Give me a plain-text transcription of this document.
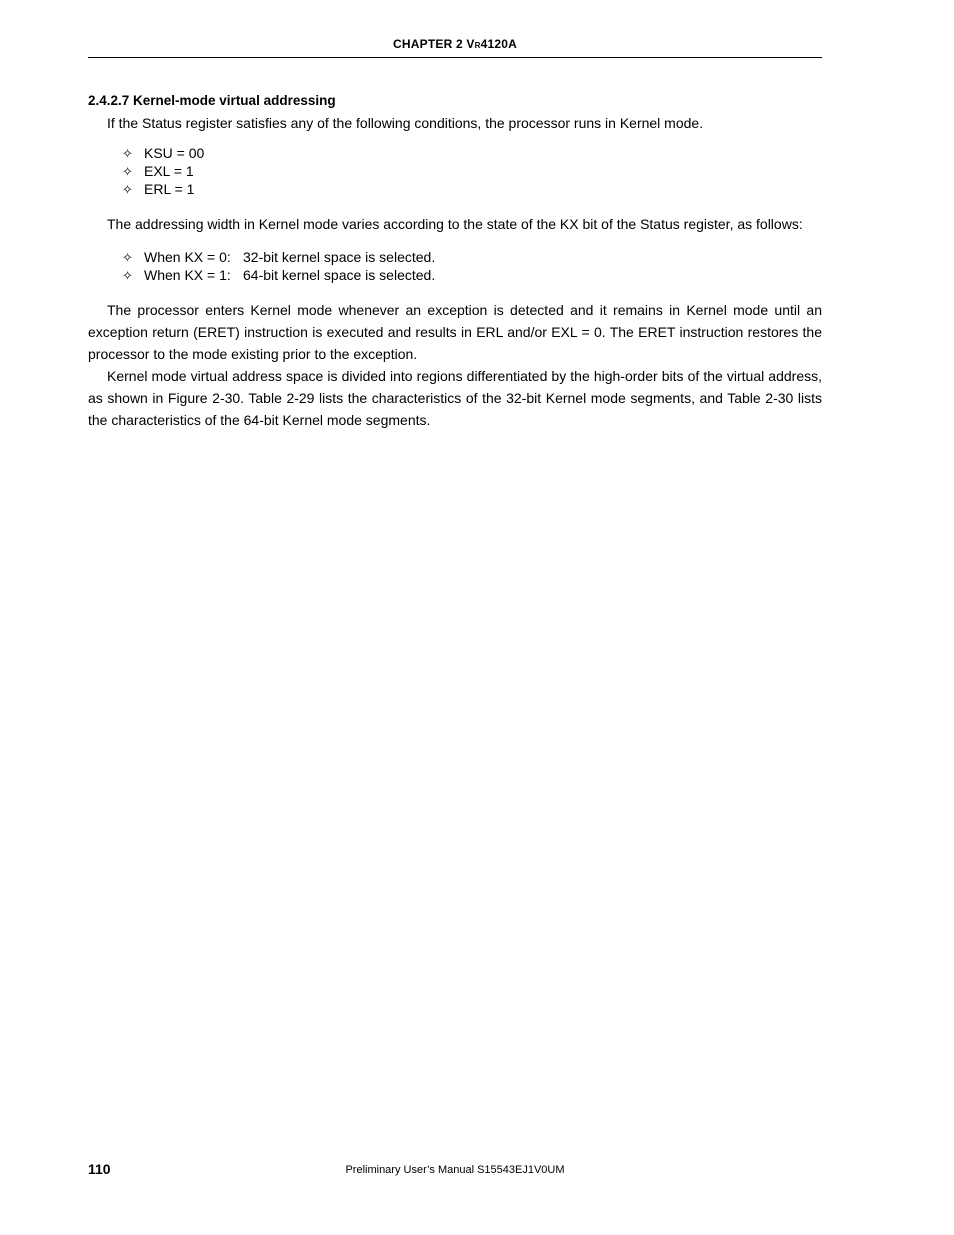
CHAPTER 2 VR4120A
2.4.2.7 Kernel-mode virtual addressing

If the Status register satisfies any of the following conditions, the processor runs in Kernel mode.

✧ KSU = 00
✧ EXL = 1
✧ ERL = 1

The addressing width in Kernel mode varies according to the state of the KX bit of the Status register, as follows:

✧ When KX = 0: 32-bit kernel space is selected.
✧ When KX = 1: 64-bit kernel space is selected.

The processor enters Kernel mode whenever an exception is detected and it remains in Kernel mode until an exception return (ERET) instruction is executed and results in ERL and/or EXL = 0. The ERET instruction restores the processor to the mode existing prior to the exception.

Kernel mode virtual address space is divided into regions differentiated by the high-order bits of the virtual address, as shown in Figure 2-30. Table 2-29 lists the characteristics of the 32-bit Kernel mode segments, and Table 2-30 lists the characteristics of the 64-bit Kernel mode segments.

110	Preliminary User’s Manual S15543EJ1V0UM
